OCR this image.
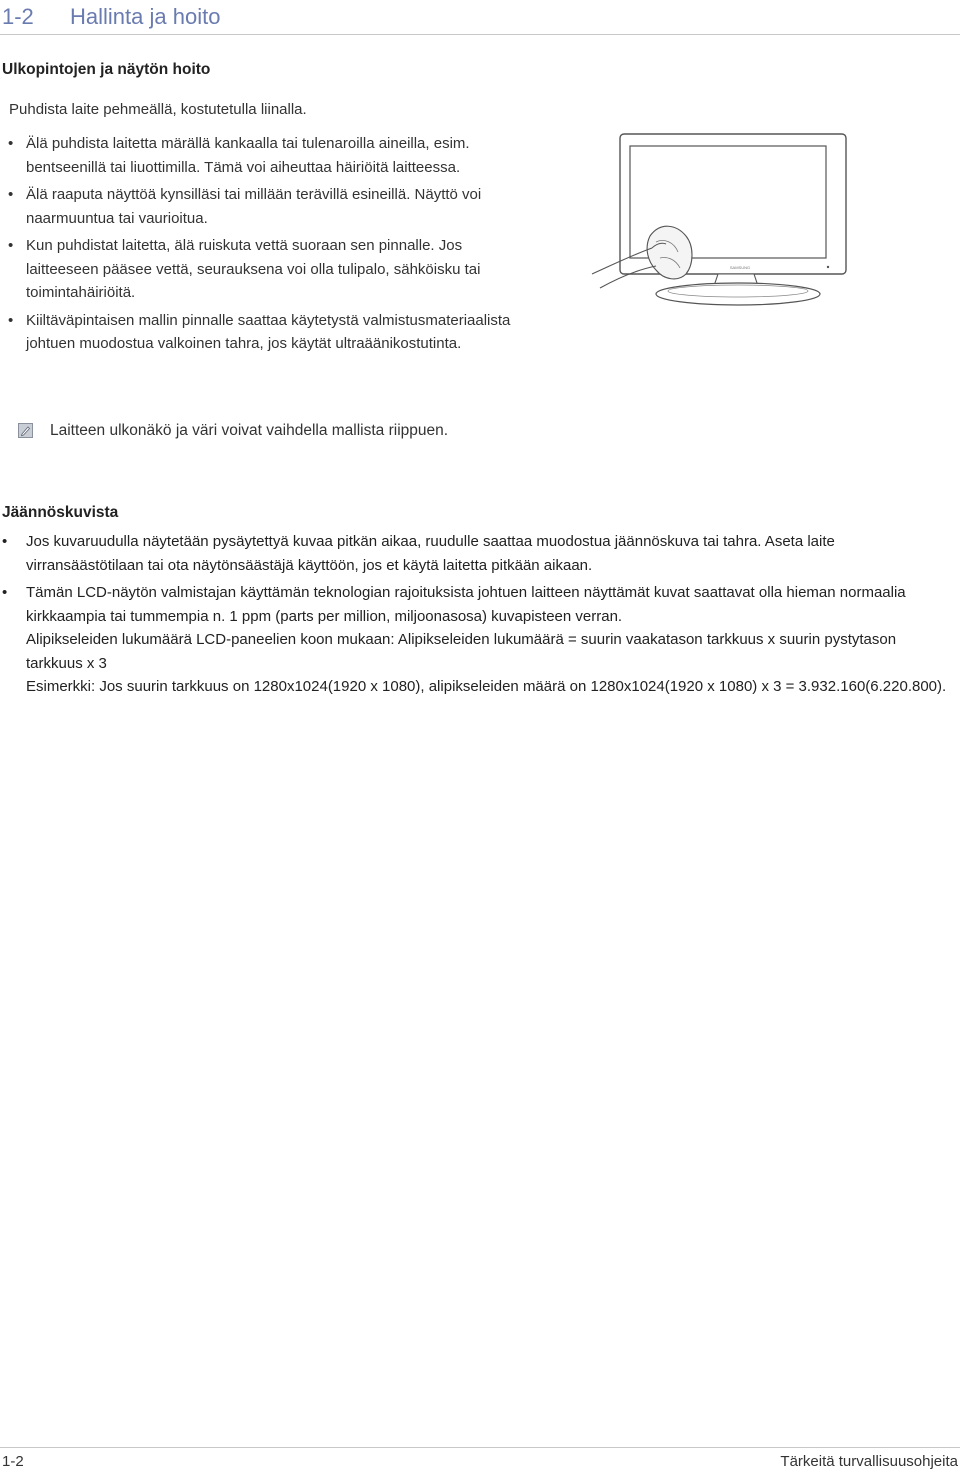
1-2 Hallinta ja hoito
Ulkopintojen ja näytön hoito
Puhdista laite pehmeällä, kostutetulla liinalla.
• Älä puhdista laitetta märällä kankaalla tai tulenaroilla aineilla, esim. bentseenillä tai liuottimilla. Tämä voi aiheuttaa häiriöitä laitteessa.
• Älä raaputa näyttöä kynsilläsi tai millään terävillä esineillä. Näyttö voi naarmuuntua tai vaurioitua.
• Kun puhdistat laitetta, älä ruiskuta vettä suoraan sen pinnalle. Jos laitteeseen pääsee vettä, seurauksena voi olla tulipalo, sähköisku tai toimintahäiriöitä.
• Kiiltäväpintaisen mallin pinnalle saattaa käytetystä valmistusmateriaalista johtuen muodostua valkoinen tahra, jos käytät ultraäänikostutinta.
SAMSUNG
Laitteen ulkonäkö ja väri voivat vaihdella mallista riippuen.
Jäännöskuvista
• Jos kuvaruudulla näytetään pysäytettyä kuvaa pitkän aikaa, ruudulle saattaa muodostua jäännöskuva tai tahra. Aseta laite virransäästötilaan tai ota näytönsäästäjä käyttöön, jos et käytä laitetta pitkään aikaan.
• Tämän LCD-näytön valmistajan käyttämän teknologian rajoituksista johtuen laitteen näyttämät kuvat saattavat olla hieman normaalia kirkkaampia tai tummempia n. 1 ppm (parts per million, miljoonasosa) kuvapisteen verran.
Alipikseleiden lukumäärä LCD-paneelien koon mukaan: Alipikseleiden lukumäärä = suurin vaakatason tarkkuus x suurin pystytason tarkkuus x 3
Esimerkki: Jos suurin tarkkuus on 1280x1024(1920 x 1080), alipikseleiden määrä on 1280x1024(1920 x 1080) x 3 = 3.932.160(6.220.800).
1-2	Tärkeitä turvallisuusohjeita
